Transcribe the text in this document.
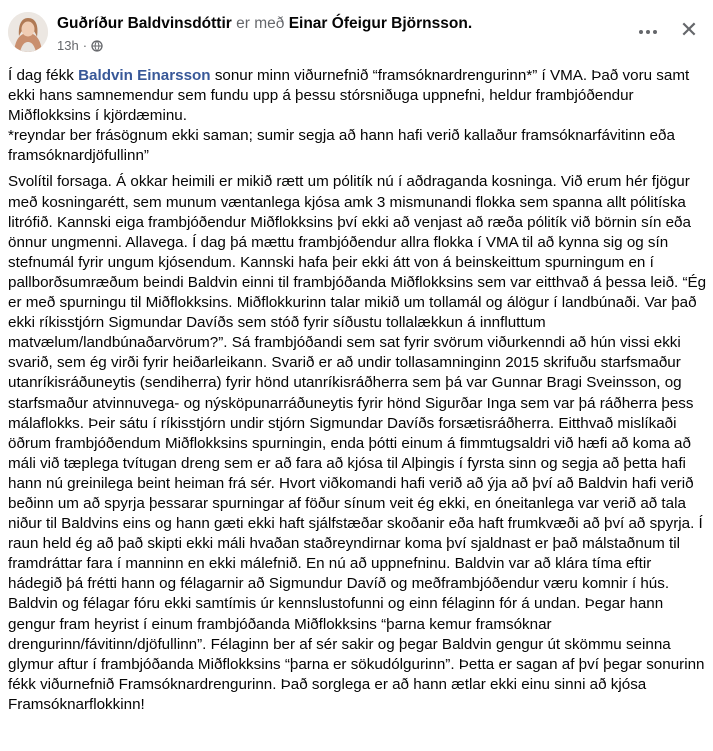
Guðríður Baldvinsdóttir er með Einar Ófeigur Björnsson.
13h ·
✕

Í dag fékk Baldvin Einarsson sonur minn viðurnefnið “framsóknardrengurinn*” í VMA. Það voru samt ekki hans samnemendur sem fundu upp á þessu stórsniðuga uppnefni, heldur frambjóðendur Miðflokksins í kjördæminu.

*reyndar ber frásögnum ekki saman; sumir segja að hann hafi verið kallaður framsóknarfávitinn eða framsóknardjöfullinn”

Svolítil forsaga. Á okkar heimili er mikið rætt um pólitík nú í aðdraganda kosninga. Við erum hér fjögur með kosningarétt, sem munum væntanlega kjósa amk 3 mismunandi flokka sem spanna allt pólitíska litrófið. Kannski eiga frambjóðendur Miðflokksins því ekki að venjast að ræða pólitík við börnin sín eða önnur ungmenni. Allavega. Í dag þá mættu frambjóðendur allra flokka í VMA til að kynna sig og sín stefnumál fyrir ungum kjósendum. Kannski hafa þeir ekki átt von á beinskeittum spurningum en í pallborðsumræðum beindi Baldvin einni til frambjóðanda Miðflokksins sem var eitthvað á þessa leið. “Ég er með spurningu til Miðflokksins. Miðflokkurinn talar mikið um tollamál og álögur í landbúnaði. Var það ekki ríkisstjórn Sigmundar Davíðs sem stóð fyrir síðustu tollalækkun á innfluttum matvælum/landbúnaðarvörum?”. Sá frambjóðandi sem sat fyrir svörum viðurkenndi að hún vissi ekki svarið, sem ég virði fyrir heiðarleikann. Svarið er að undir tollasamninginn 2015 skrifuðu starfsmaður utanríkisráðuneytis (sendiherra) fyrir hönd utanríkisráðherra sem þá var Gunnar Bragi Sveinsson, og starfsmaður atvinnuvega- og nýsköpunarráðuneytis fyrir hönd Sigurðar Inga sem var þá ráðherra þess málaflokks. Þeir sátu í ríkisstjórn undir stjórn Sigmundar Davíðs forsætisráðherra. Eitthvað mislíkaði öðrum frambjóðendum Miðflokksins spurningin, enda þótti einum á fimmtugsaldri við hæfi að koma að máli við tæplega tvítugan dreng sem er að fara að kjósa til Alþingis í fyrsta sinn og segja að þetta hafi hann nú greinilega beint heiman frá sér. Hvort viðkomandi hafi verið að ýja að því að Baldvin hafi verið beðinn um að spyrja þessarar spurningar af föður sínum veit ég ekki, en óneitanlega var verið að tala niður til Baldvins eins og hann gæti ekki haft sjálfstæðar skoðanir eða haft frumkvæði að því að spyrja. Í raun held ég að það skipti ekki máli hvaðan staðreyndirnar koma því sjaldnast er það málstaðnum til framdráttar fara í manninn en ekki málefnið. En nú að uppnefninu. Baldvin var að klára tíma eftir hádegið þá frétti hann og félagarnir að Sigmundur Davíð og meðframbjóðendur væru komnir í hús. Baldvin og félagar fóru ekki samtímis úr kennslustofunni og einn félaginn fór á undan. Þegar hann gengur fram heyrist í einum frambjóðanda Miðflokksins “þarna kemur framsóknar drengurinn/fávitinn/djöfullinn”. Félaginn ber af sér sakir og þegar Baldvin gengur út skömmu seinna glymur aftur í frambjóðanda Miðflokksins “þarna er sökudólgurinn”. Þetta er sagan af því þegar sonurinn fékk viðurnefnið Framsóknardrengurinn. Það sorglega er að hann ætlar ekki einu sinni að kjósa Framsóknarflokkinn!
